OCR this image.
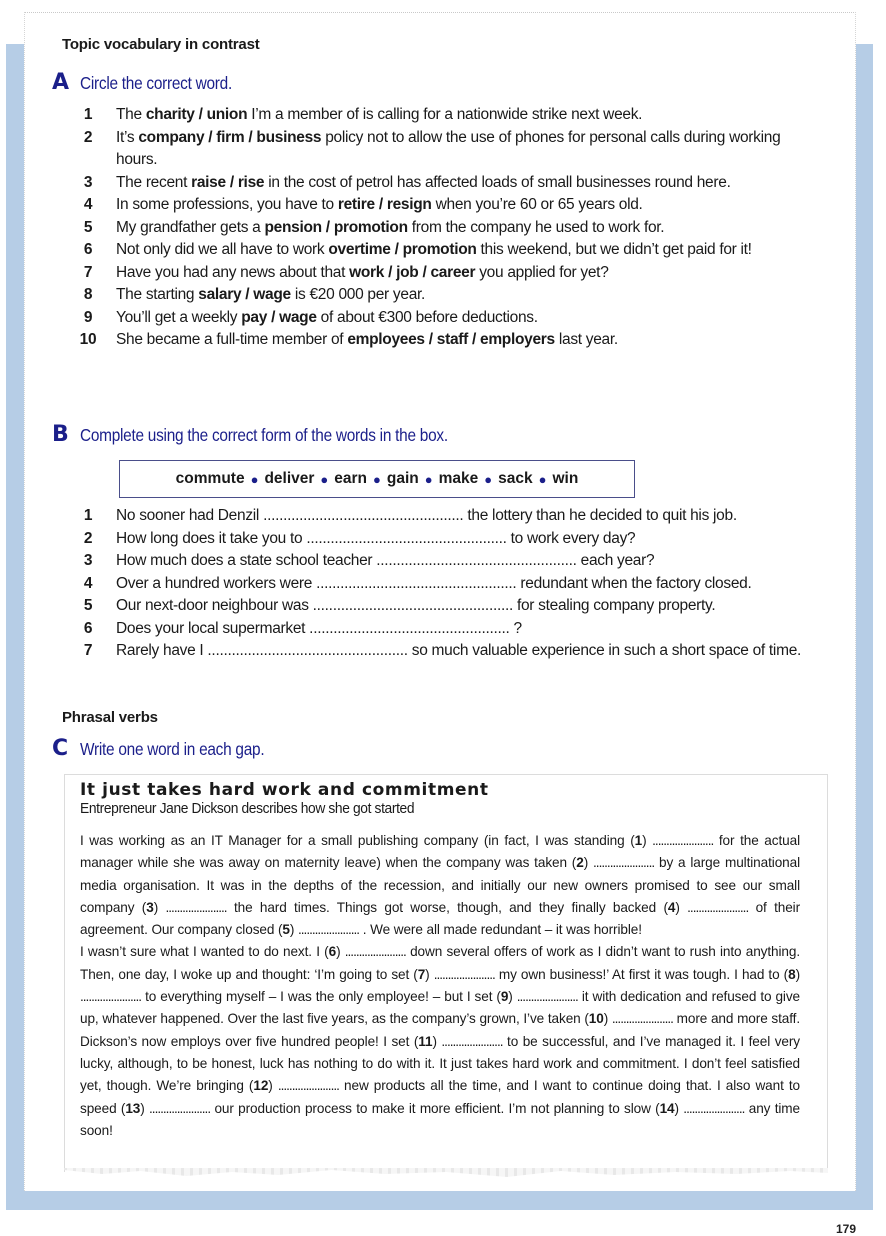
Topic vocabulary in contrast
A Circle the correct word.
1	The charity / union I’m a member of is calling for a nationwide strike next week.
2	It’s company / firm / business policy not to allow the use of phones for personal calls during working hours.
3	The recent raise / rise in the cost of petrol has affected loads of small businesses round here.
4	In some professions, you have to retire / resign when you’re 60 or 65 years old.
5	My grandfather gets a pension / promotion from the company he used to work for.
6	Not only did we all have to work overtime / promotion this weekend, but we didn’t get paid for it!
7	Have you had any news about that work / job / career you applied for yet?
8	The starting salary / wage is €20 000 per year.
9	You’ll get a weekly pay / wage of about €300 before deductions.
10	She became a full-time member of employees / staff / employers last year.
B Complete using the correct form of the words in the box.
commute ● deliver ● earn ● gain ● make ● sack ● win
1	No sooner had Denzil .................................................. the lottery than he decided to quit his job.
2	How long does it take you to .................................................. to work every day?
3	How much does a state school teacher .................................................. each year?
4	Over a hundred workers were .................................................. redundant when the factory closed.
5	Our next-door neighbour was .................................................. for stealing company property.
6	Does your local supermarket .................................................. ?
7	Rarely have I .................................................. so much valuable experience in such a short space of time.
Phrasal verbs
C Write one word in each gap.
It just takes hard work and commitment
Entrepreneur Jane Dickson describes how she got started

I was working as an IT Manager for a small publishing company (in fact, I was standing (1) ...................... for the actual manager while she was away on maternity leave) when the company was taken (2) ...................... by a large multinational media organisation. It was in the depths of the recession, and initially our new owners promised to see our small company (3) ...................... the hard times. Things got worse, though, and they finally backed (4) ...................... of their agreement. Our company closed (5) ...................... . We were all made redundant – it was horrible!

I wasn’t sure what I wanted to do next. I (6) ...................... down several offers of work as I didn’t want to rush into anything. Then, one day, I woke up and thought: ‘I’m going to set (7) ...................... my own business!’ At first it was tough. I had to (8) ...................... to everything myself – I was the only employee! – but I set (9) ...................... it with dedication and refused to give up, whatever happened. Over the last five years, as the company’s grown, I’ve taken (10) ...................... more and more staff. Dickson’s now employs over five hundred people! I set (11) ...................... to be successful, and I’ve managed it. I feel very lucky, although, to be honest, luck has nothing to do with it. It just takes hard work and commitment. I don’t feel satisfied yet, though. We’re bringing (12) ...................... new products all the time, and I want to continue doing that. I also want to speed (13) ...................... our production process to make it more efficient. I’m not planning to slow (14) ...................... any time soon!

179
